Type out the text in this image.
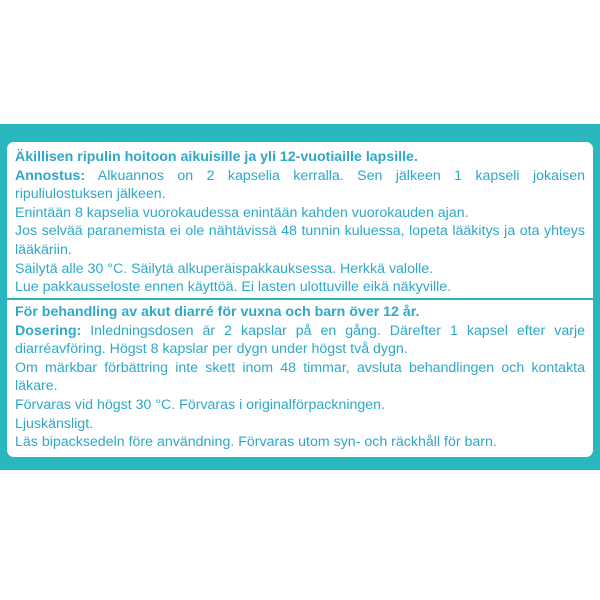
Äkillisen ripulin hoitoon aikuisille ja yli 12-vuotiaille lapsille.
Annostus: Alkuannos on 2 kapselia kerralla. Sen jälkeen 1 kapseli jokaisen ripuliulostuksen jälkeen.
Enintään 8 kapselia vuorokaudessa enintään kahden vuorokauden ajan.
Jos selvää paranemista ei ole nähtävissä 48 tunnin kuluessa, lopeta lääkitys ja ota yhteys lääkäriin.
Säilytä alle 30 °C. Säilytä alkuperäispakkauksessa. Herkkä valolle.
Lue pakkausseloste ennen käyttöä. Ei lasten ulottuville eikä näkyville.
För behandling av akut diarré för vuxna och barn över 12 år.
Dosering: Inledningsdosen är 2 kapslar på en gång. Därefter 1 kapsel efter varje diarréavföring. Högst 8 kapslar per dygn under högst två dygn.
Om märkbar förbättring inte skett inom 48 timmar, avsluta behandlingen och kontakta läkare.
Förvaras vid högst 30 °C. Förvaras i originalförpackningen.
Ljuskänsligt.
Läs bipacksedeln före användning. Förvaras utom syn- och räckhåll för barn.
